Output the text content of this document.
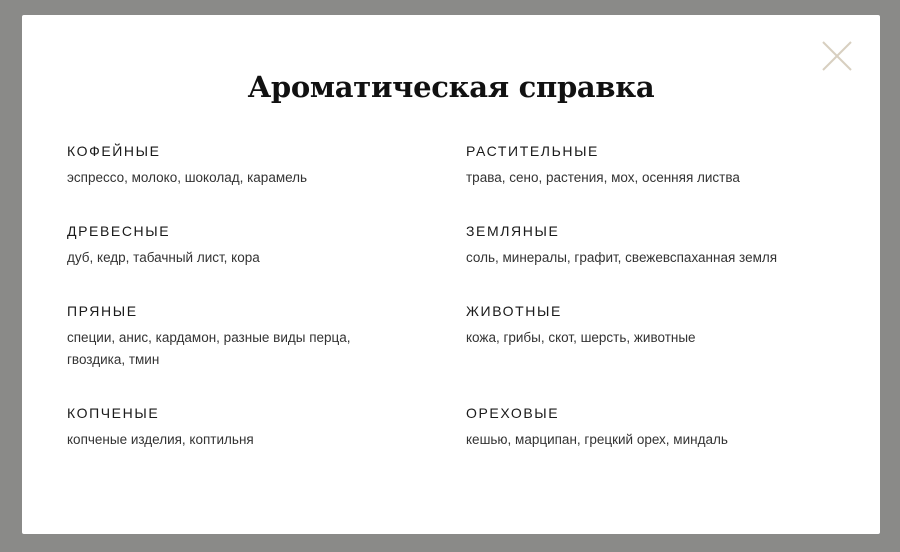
Ароматическая справка
КОФЕЙНЫЕ

эспрессо, молоко, шоколад, карамель

РАСТИТЕЛЬНЫЕ

трава, сено, растения, мох, осенняя листва

ДРЕВЕСНЫЕ

дуб, кедр, табачный лист, кора

ЗЕМЛЯНЫЕ

соль, минералы, графит, свежевспаханная земля

ПРЯНЫЕ

специи, анис, кардамон, разные виды перца, гвоздика, тмин

ЖИВОТНЫЕ

кожа, грибы, скот, шерсть, животные

КОПЧЕНЫЕ

копченые изделия, коптильня

ОРЕХОВЫЕ

кешью, марципан, грецкий орех, миндаль
